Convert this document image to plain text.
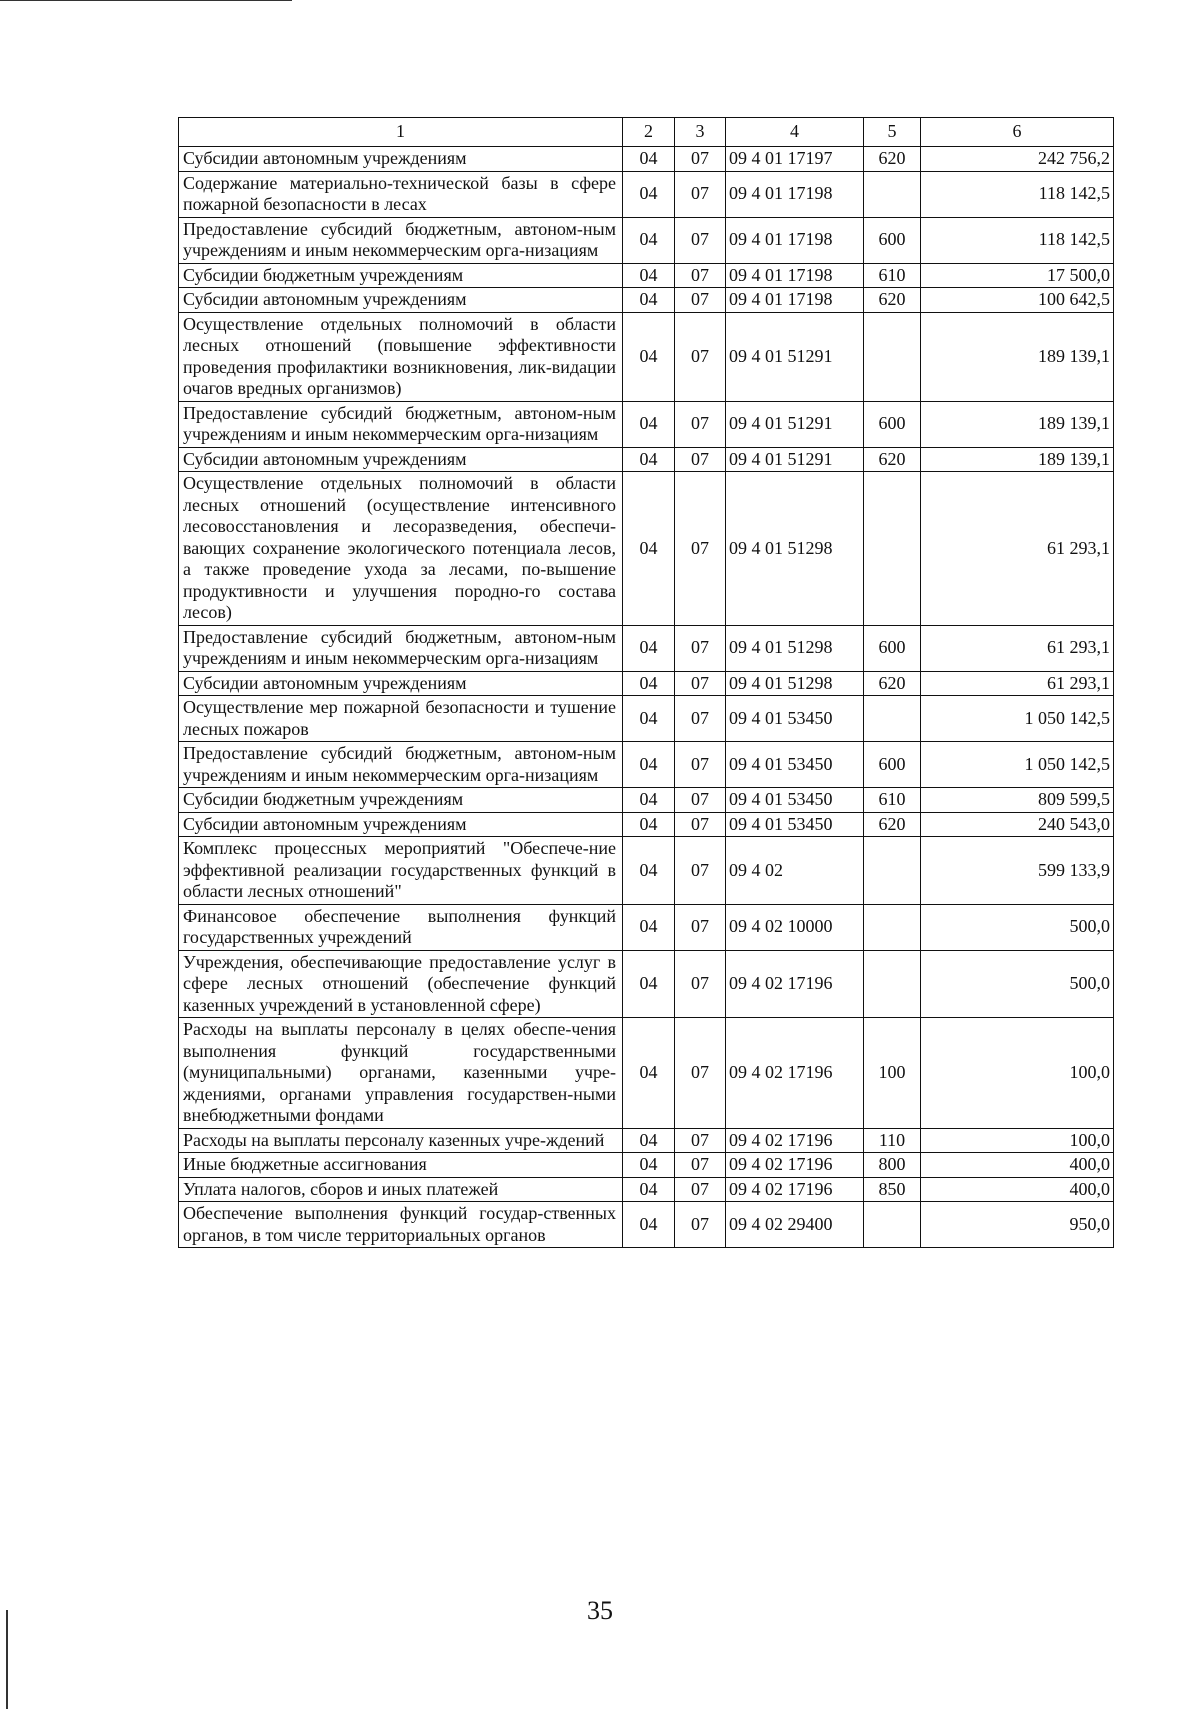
1	2	3	4	5	6
Субсидии автономным учреждениям	04	07	09 4 01 17197	620	242 756,2
Содержание материально-технической базы в сфере пожарной безопасности в лесах	04	07	09 4 01 17198		118 142,5
Предоставление субсидий бюджетным, автоном-ным учреждениям и иным некоммерческим орга-низациям	04	07	09 4 01 17198	600	118 142,5
Субсидии бюджетным учреждениям	04	07	09 4 01 17198	610	17 500,0
Субсидии автономным учреждениям	04	07	09 4 01 17198	620	100 642,5
Осуществление отдельных полномочий в области лесных отношений (повышение эффективности проведения профилактики возникновения, лик-видации очагов вредных организмов)	04	07	09 4 01 51291		189 139,1
Предоставление субсидий бюджетным, автоном-ным учреждениям и иным некоммерческим орга-низациям	04	07	09 4 01 51291	600	189 139,1
Субсидии автономным учреждениям	04	07	09 4 01 51291	620	189 139,1
Осуществление отдельных полномочий в области лесных отношений (осуществление интенсивного лесовосстановления и лесоразведения, обеспечи-вающих сохранение экологического потенциала лесов, а также проведение ухода за лесами, по-вышение продуктивности и улучшения породно-го состава лесов)	04	07	09 4 01 51298		61 293,1
Предоставление субсидий бюджетным, автоном-ным учреждениям и иным некоммерческим орга-низациям	04	07	09 4 01 51298	600	61 293,1
Субсидии автономным учреждениям	04	07	09 4 01 51298	620	61 293,1
Осуществление мер пожарной безопасности и тушение лесных пожаров	04	07	09 4 01 53450		1 050 142,5
Предоставление субсидий бюджетным, автоном-ным учреждениям и иным некоммерческим орга-низациям	04	07	09 4 01 53450	600	1 050 142,5
Субсидии бюджетным учреждениям	04	07	09 4 01 53450	610	809 599,5
Субсидии автономным учреждениям	04	07	09 4 01 53450	620	240 543,0
Комплекс процессных мероприятий "Обеспече-ние эффективной реализации государственных функций в области лесных отношений"	04	07	09 4 02		599 133,9
Финансовое обеспечение выполнения функций государственных учреждений	04	07	09 4 02 10000		500,0
Учреждения, обеспечивающие предоставление услуг в сфере лесных отношений (обеспечение функций казенных учреждений в установленной сфере)	04	07	09 4 02 17196		500,0
Расходы на выплаты персоналу в целях обеспе-чения выполнения функций государственными (муниципальными) органами, казенными учре-ждениями, органами управления государствен-ными внебюджетными фондами	04	07	09 4 02 17196	100	100,0
Расходы на выплаты персоналу казенных учре-ждений	04	07	09 4 02 17196	110	100,0
Иные бюджетные ассигнования	04	07	09 4 02 17196	800	400,0
Уплата налогов, сборов и иных платежей	04	07	09 4 02 17196	850	400,0
Обеспечение выполнения функций государ-ственных органов, в том числе территориальных органов	04	07	09 4 02 29400		950,0
35
